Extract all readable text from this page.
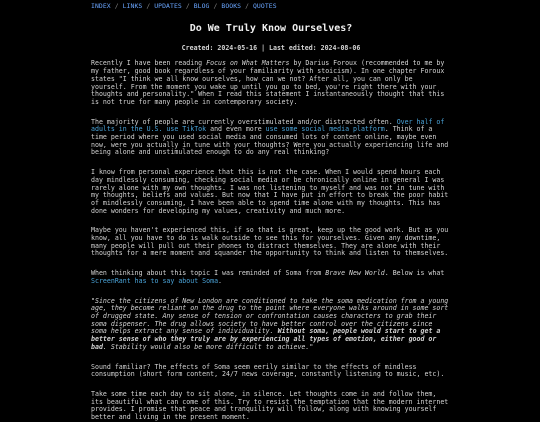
INDEX / LINKS / UPDATES / BLOG / BOOKS / QUOTES
Do We Truly Know Ourselves?
Created: 2024-05-16 | Last edited: 2024-08-06

Recently I have been reading Focus on What Matters by Darius Foroux (recommended to me by my father, good book regardless of your familiarity with stoicism). In one chapter Foroux states "I think we all know ourselves, how can we not? After all, you can only be yourself. From the moment you wake up until you go to bed, you're right there with your thoughts and personality." When I read this statement I instantaneously thought that this is not true for many people in contemporary society.

The majority of people are currently overstimulated and/or distracted often. Over half of adults in the U.S. use TikTok and even more use some social media platform. Think of a time period where you used social media and consumed lots of content online, maybe even now, were you actually in tune with your thoughts? Were you actually experiencing life and being alone and unstimulated enough to do any real thinking?

I know from personal experience that this is not the case. When I would spend hours each day mindlessly consuming, checking social media or be chronically online in general I was rarely alone with my own thoughts. I was not listening to myself and was not in tune with my thoughts, beliefs and values. But now that I have put in effort to break the poor habit of mindlessly consuming, I have been able to spend time alone with my thoughts. This has done wonders for developing my values, creativity and much more.

Maybe you haven't experienced this, if so that is great, keep up the good work. But as you know, all you have to do is walk outside to see this for yourselves. Given any downtime, many people will pull out their phones to distract themselves. They are alone with their thoughts for a mere moment and squander the opportunity to think and listen to themselves.

When thinking about this topic I was reminded of Soma from Brave New World. Below is what ScreenRant has to say about Soma.

"Since the citizens of New London are conditioned to take the soma medication from a young age, they become reliant on the drug to the point where everyone walks around in some sort of drugged state. Any sense of tension or confrontation causes characters to grab their soma dispenser. The drug allows society to have better control over the citizens since soma helps extract any sense of individuality. Without soma, people would start to get a better sense of who they truly are by experiencing all types of emotion, either good or bad. Stability would also be more difficult to achieve."

Sound familiar? The effects of Soma seem eerily similar to the effects of mindless consumption (short form content, 24/7 news coverage, constantly listening to music, etc).

Take some time each day to sit alone, in silence. Let thoughts come in and follow them, its beautiful what can come of this. Try to resist the temptation that the modern internet provides. I promise that peace and tranquility will follow, along with knowing yourself better and living in the present moment.
